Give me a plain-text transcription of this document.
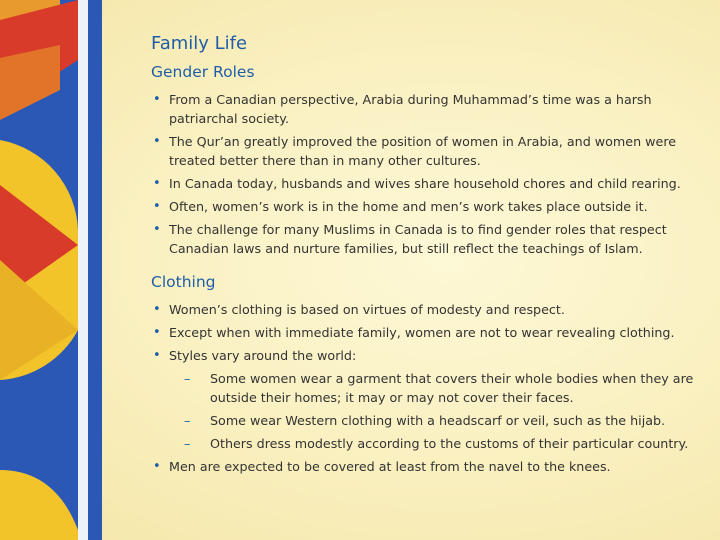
Family Life
Gender Roles
• From a Canadian perspective, Arabia during Muhammad’s time was a harsh patriarchal society.
• The Qur’an greatly improved the position of women in Arabia, and women were treated better there than in many other cultures.
• In Canada today, husbands and wives share household chores and child rearing.
• Often, women’s work is in the home and men’s work takes place outside it.
• The challenge for many Muslims in Canada is to find gender roles that respect Canadian laws and nurture families, but still reflect the teachings of Islam.
Clothing
• Women’s clothing is based on virtues of modesty and respect.
• Except when with immediate family, women are not to wear revealing clothing.
• Styles vary around the world:
– Some women wear a garment that covers their whole bodies when they are outside their homes; it may or may not cover their faces.
– Some wear Western clothing with a headscarf or veil, such as the hijab.
– Others dress modestly according to the customs of their particular country.
• Men are expected to be covered at least from the navel to the knees.
